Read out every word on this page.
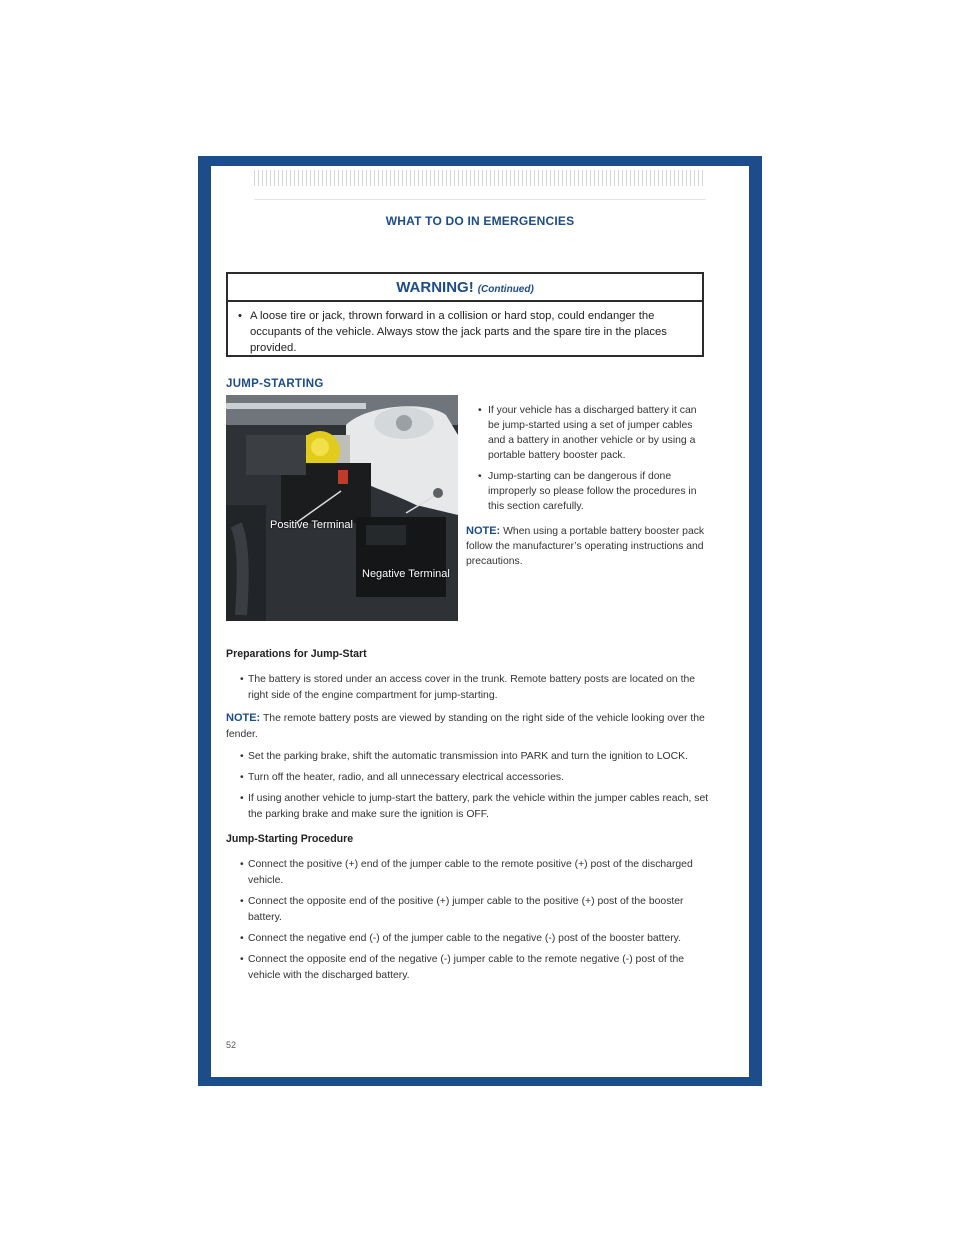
WHAT TO DO IN EMERGENCIES
WARNING! (Continued)
• A loose tire or jack, thrown forward in a collision or hard stop, could endanger the occupants of the vehicle. Always stow the jack parts and the spare tire in the places provided.
JUMP-STARTING
Positive Terminal
Negative Terminal
• If your vehicle has a discharged battery it can be jump-started using a set of jumper cables and a battery in another vehicle or by using a portable battery booster pack.
• Jump-starting can be dangerous if done improperly so please follow the procedures in this section carefully.
NOTE: When using a portable battery booster pack follow the manufacturer’s operating instructions and precautions.
Preparations for Jump-Start
• The battery is stored under an access cover in the trunk. Remote battery posts are located on the right side of the engine compartment for jump-starting.
NOTE: The remote battery posts are viewed by standing on the right side of the vehicle looking over the fender.
• Set the parking brake, shift the automatic transmission into PARK and turn the ignition to LOCK.
• Turn off the heater, radio, and all unnecessary electrical accessories.
• If using another vehicle to jump-start the battery, park the vehicle within the jumper cables reach, set the parking brake and make sure the ignition is OFF.
Jump-Starting Procedure
• Connect the positive (+) end of the jumper cable to the remote positive (+) post of the discharged vehicle.
• Connect the opposite end of the positive (+) jumper cable to the positive (+) post of the booster battery.
• Connect the negative end (-) of the jumper cable to the negative (-) post of the booster battery.
• Connect the opposite end of the negative (-) jumper cable to the remote negative (-) post of the vehicle with the discharged battery.
52
